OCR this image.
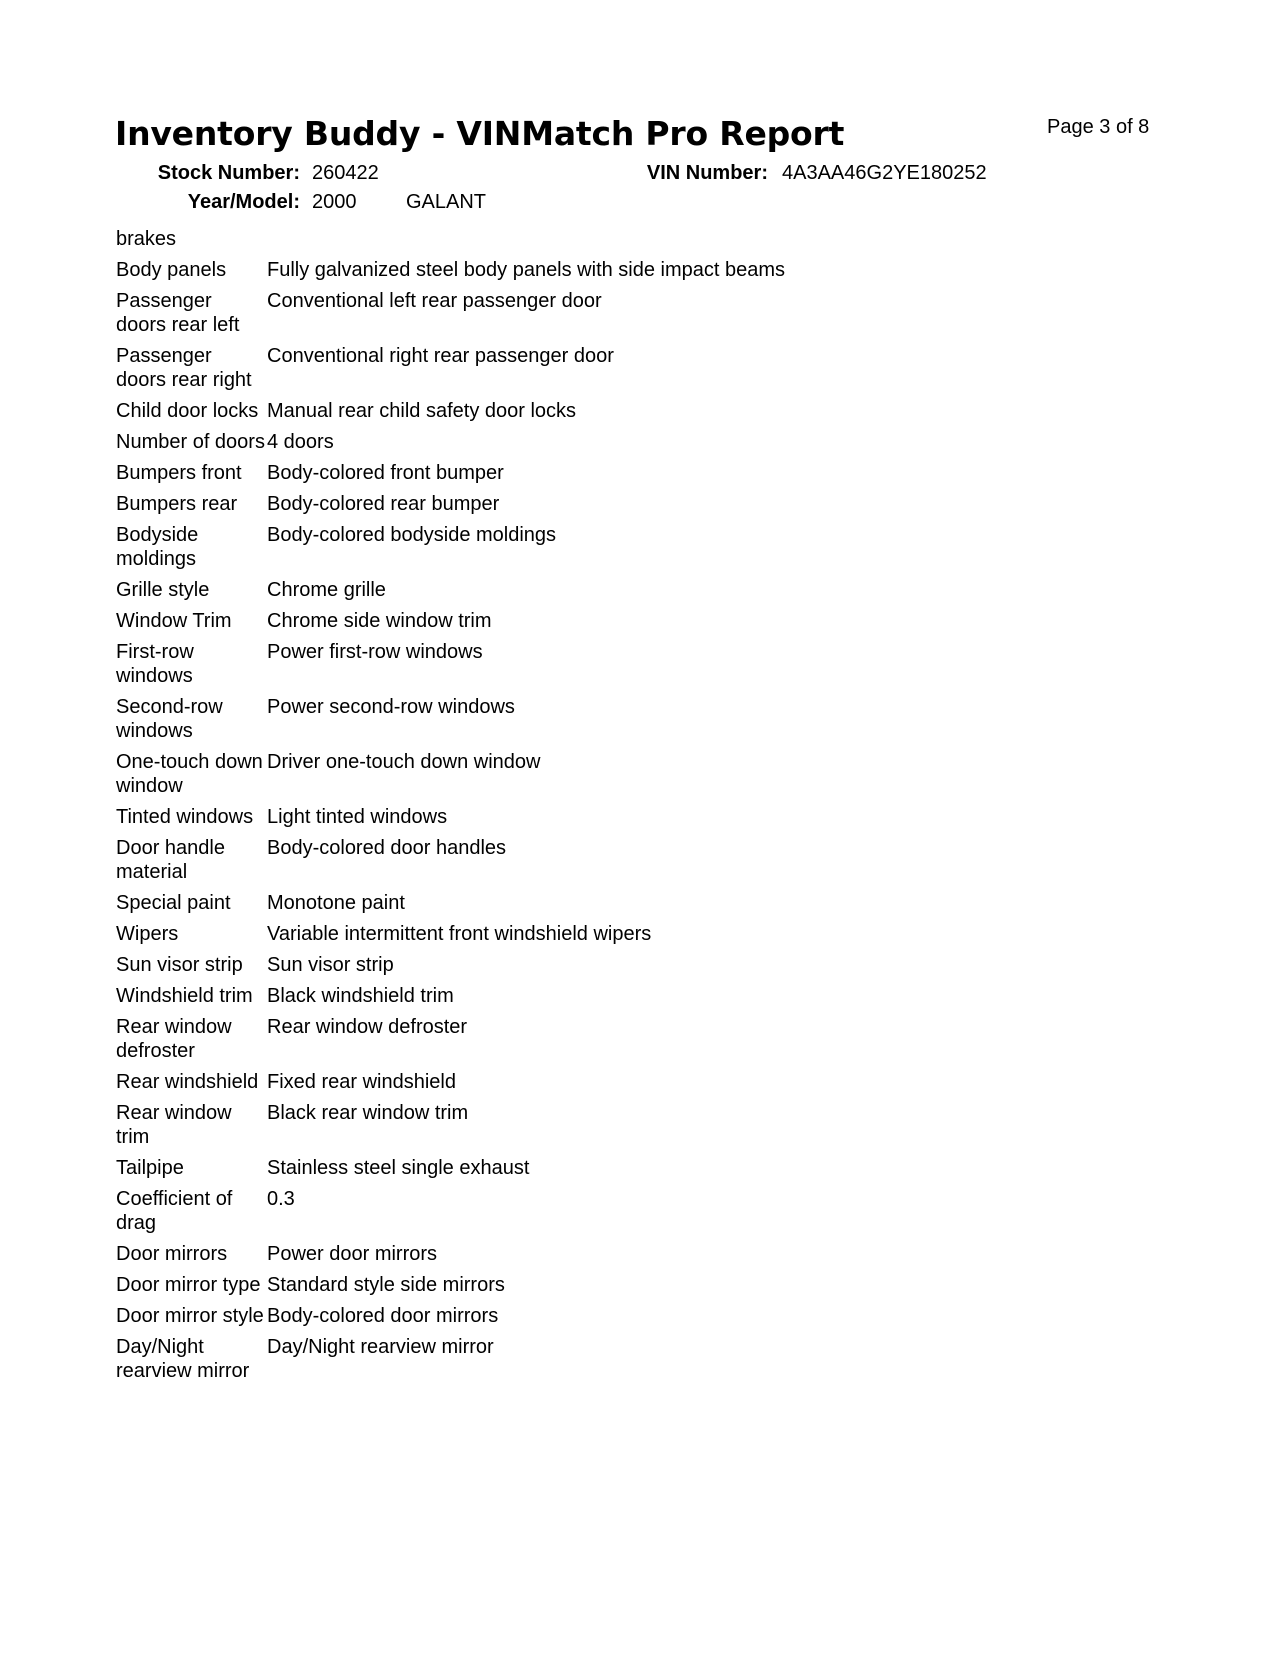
Inventory Buddy - VINMatch Pro Report	Page 3 of 8
Stock Number: 260422	VIN Number: 4A3AA46G2YE180252
Year/Model: 2000 GALANT
brakes	
Body panels	Fully galvanized steel body panels with side impact beams
Passenger doors rear left	Conventional left rear passenger door
Passenger doors rear right	Conventional right rear passenger door
Child door locks	Manual rear child safety door locks
Number of doors	4 doors
Bumpers front	Body-colored front bumper
Bumpers rear	Body-colored rear bumper
Bodyside moldings	Body-colored bodyside moldings
Grille style	Chrome grille
Window Trim	Chrome side window trim
First-row windows	Power first-row windows
Second-row windows	Power second-row windows
One-touch down window	Driver one-touch down window
Tinted windows	Light tinted windows
Door handle material	Body-colored door handles
Special paint	Monotone paint
Wipers	Variable intermittent front windshield wipers
Sun visor strip	Sun visor strip
Windshield trim	Black windshield trim
Rear window defroster	Rear window defroster
Rear windshield	Fixed rear windshield
Rear window trim	Black rear window trim
Tailpipe	Stainless steel single exhaust
Coefficient of drag	0.3
Door mirrors	Power door mirrors
Door mirror type	Standard style side mirrors
Door mirror style	Body-colored door mirrors
Day/Night rearview mirror	Day/Night rearview mirror
